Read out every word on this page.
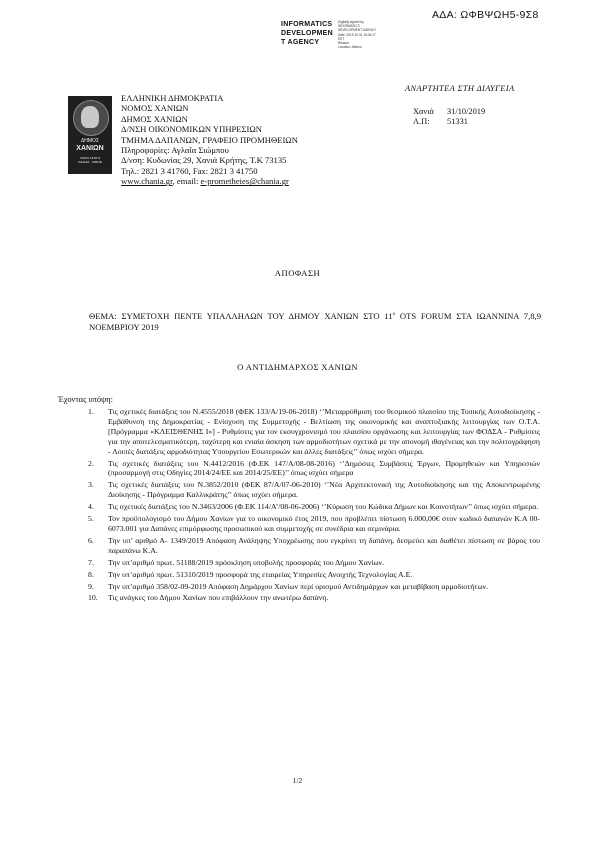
ΑΔΑ: ΩΦΒΨΩΗ5-9Σ8
INFORMATICS
DEVELOPMEN
T AGENCY
Digitally signed by
INFORMATICS
DEVELOPMENT AGENCY
Date: 2019.10.31 15:34:27
EET
Reason:
Location: Athens
ΑΝΑΡΤΗΤΕΑ ΣΤΗ ΔΙΑΥΓΕΙΑ
ΔΗΜΟΣ
ΧΑΝΙΩΝ
ΧΑΝΙΑ ΚΡΗΤΗ
CHANIA · CRETE
ΕΛΛΗΝΙΚΗ ΔΗΜΟΚΡΑΤΙΑ
ΝΟΜΟΣ ΧΑΝΙΩΝ
ΔΗΜΟΣ ΧΑΝΙΩΝ
Δ/ΝΣΗ ΟΙΚΟΝΟΜΙΚΩΝ ΥΠΗΡΕΣΙΩΝ
ΤΜΗΜΑ ΔΑΠΑΝΩΝ, ΓΡΑΦΕΙΟ ΠΡΟΜΗΘΕΙΩΝ
Πληροφορίες: Αγλαΐα Σιώμπου
Δ/νση: Κυδωνίας 29, Χανιά Κρήτης, Τ.Κ 73135
Τηλ.: 2821 3 41760, Fax: 2821 3 41750
www.chania.gr, email: e-prometheies@chania.gr
Χανιά 31/10/2019
Α.Π: 51331
ΑΠΟΦΑΣΗ
ΘΕΜΑ: ΣΥΜΕΤΟΧΗ ΠΕΝΤΕ ΥΠΑΛΛΗΛΩΝ ΤΟΥ ΔΗΜΟΥ ΧΑΝΙΩΝ ΣΤΟ $11^o$ OTS FORUM ΣΤΑ ΙΩΑΝΝΙΝΑ 7,8,9 ΝΟΕΜΒΡΙΟΥ 2019
Ο ΑΝΤΙΔΗΜΑΡΧΟΣ ΧΑΝΙΩΝ
Έχοντας υπόψη:
1. Τις σχετικές διατάξεις του Ν.4555/2018 (ΦΕΚ 133/Α/19-06-2018) ‘’Μεταρρύθμιση του θεσμικού πλαισίου της Τοπικής Αυτοδιοίκησης - Εμβάθυνση της Δημοκρατίας - Ενίσχυση της Συμμετοχής - Βελτίωση της οικονομικής και αναπτυξιακής λειτουργίας των Ο.Τ.Α. [Πρόγραμμα «ΚΛΕΙΣΘΕΝΗΣ Ι»] - Ρυθμίσεις για τον εκσυγχρονισμό του πλαισίου οργάνωσης και λειτουργίας των ΦΟΔΣΑ - Ρυθμίσεις για την αποτελεσματικότερη, ταχύτερη και ενιαία άσκηση των αρμοδιοτήτων σχετικά με την απονομή ιθαγένειας και την πολιτογράφηση - Λοιπές διατάξεις αρμοδιότητας Υπουργείου Εσωτερικών και άλλες διατάξεις’’ όπως ισχύει σήμερα.
2. Τις σχετικές διατάξεις του Ν.4412/2016 (Φ.ΕΚ 147/Α/08-08-2016) ‘’Δημόσιες Συμβάσεις Έργων, Προμηθειών και Υπηρεσιών (προσαρμογή στις Οδηγίες 2014/24/ΕΕ και 2014/25/ΕΕ)’’ όπως ισχύει σήμερα
3. Τις σχετικές διατάξεις του Ν.3852/2010 (ΦΕΚ 87/Α/07-06-2010) ‘’Νέα Αρχιτεκτονική της Αυτοδιοίκησης και της Αποκεντρωμένης Διοίκησης - Πρόγραμμα Καλλικράτης’’ όπως ισχύει σήμερα.
4. Τις σχετικές διατάξεις του Ν.3463/2006 (Φ.ΕΚ 114/Α’/08-06-2006) ‘’Κύρωση του Κώδικα Δήμων και Κοινοτήτων’’ όπως ισχύει σήμερα.
5. Τον προϋπολογισμό του Δήμου Χανίων για το οικονομικό έτος 2019, που προβλέπει πίστωση 6.000,00€ στον κωδικό δαπανών Κ.Α 00-6073.001 για Δαπάνες επιμόρφωσης προσωπικού και συμμετοχής σε συνέδρια και σεμινάρια.
6. Την υπ’ αριθμό Α- 1349/2019 Απόφαση Ανάληψης Υποχρέωσης που εγκρίνει τη δαπάνη, δεσμεύει και διαθέτει πίστωση σε βάρος του παραπάνω Κ.Α.
7. Την υπ’αριθμό πρωτ. 51188/2019 πρόσκληση υποβολής προσφοράς του Δήμου Χανίων.
8. Την υπ’αριθμό πρωτ. 51310/2019 προσφορά της εταιρείας Υπηρεσίες Ανοιχτής Τεχνολογίας Α.Ε.
9. Την υπ’αριθμό 358/02-09-2019 Απόφαση Δημάρχου Χανίων περί ορισμού Αντιδημάρχων και μεταβίβαση αρμοδιοτήτων.
10. Τις ανάγκες του Δήμου Χανίων που επιβάλλουν την ανωτέρω δαπάνη.
1/2
